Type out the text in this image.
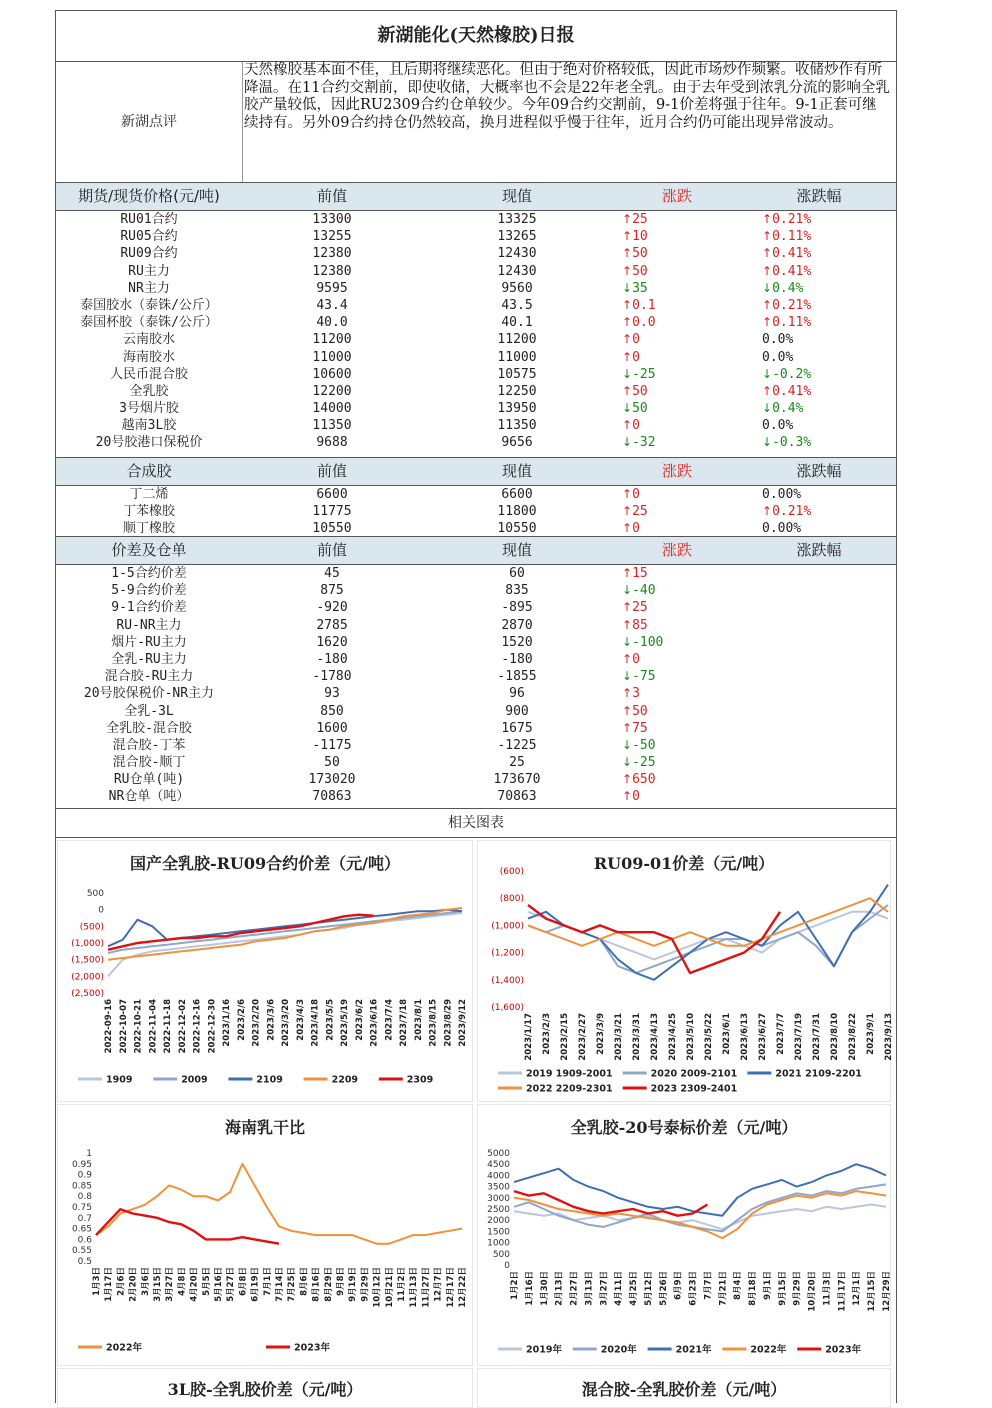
新湖能化(天然橡胶)日报
新湖点评
天然橡胶基本面不佳，且后期将继续恶化。但由于绝对价格较低，因此市场炒作频繁。收储炒作有所降温。在11合约交割前，即使收储，大概率也不会是22年老全乳。由于去年受到浓乳分流的影响全乳胶产量较低，因此RU2309合约仓单较少。今年09合约交割前，9-1价差将强于往年。9-1正套可继续持有。另外09合约持仓仍然较高，换月进程似乎慢于往年，近月合约仍可能出现异常波动。
期货/现货价格(元/吨)	前值	现值	涨跌	涨跌幅
RU01合约	13300	13325	↑25	↑0.21%
RU05合约	13255	13265	↑10	↑0.11%
RU09合约	12380	12430	↑50	↑0.41%
RU主力	12380	12430	↑50	↑0.41%
NR主力	9595	9560	↓35	↓0.4%
泰国胶水（泰铢/公斤）	43.4	43.5	↑0.1	↑0.21%
泰国杯胶（泰铢/公斤）	40.0	40.1	↑0.0	↑0.11%
云南胶水	11200	11200	↑0	0.0%
海南胶水	11000	11000	↑0	0.0%
人民币混合胶	10600	10575	↓-25	↓-0.2%
全乳胶	12200	12250	↑50	↑0.41%
3号烟片胶	14000	13950	↓50	↓0.4%
越南3L胶	11350	11350	↑0	0.0%
20号胶港口保税价	9688	9656	↓-32	↓-0.3%
合成胶	前值	现值	涨跌	涨跌幅
丁二烯	6600	6600	↑0	0.00%
丁苯橡胶	11775	11800	↑25	↑0.21%
顺丁橡胶	10550	10550	↑0	0.00%
价差及仓单	前值	现值	涨跌	涨跌幅
1-5合约价差	45	60	↑15
5-9合约价差	875	835	↓-40
9-1合约价差	-920	-895	↑25
RU-NR主力	2785	2870	↑85
烟片-RU主力	1620	1520	↓-100
全乳-RU主力	-180	-180	↑0
混合胶-RU主力	-1780	-1855	↓-75
20号胶保税价-NR主力	93	96	↑3
全乳-3L	850	900	↑50
全乳胶-混合胶	1600	1675	↑75
混合胶-丁苯	-1175	-1225	↓-50
混合胶-顺丁	50	25	↓-25
RU仓单(吨)	173020	173670	↑650
NR仓单（吨）	70863	70863	↑0
相关图表
500
0
(500)
(1,000)
(1,500)
(2,000)
(2,500)
2022-09-16 2022-10-07 2022-10-21 2022-11-04 2022-11-18 2022-12-02 2022-12-16 2022-12-30 2023/1/16 2023/2/6 2023/2/20 2023/3/6 2023/3/20 2023/4/3 2023/4/18 2023/5/5 2023/5/19 2023/6/2 2023/6/16 2023/7/4 2023/7/18 2023/8/1 2023/8/15 2023/8/29 2023/9/12
1909	2009	2109	2209	2309
国产全乳胶-RU09合约价差（元/吨）	(600)
(800)
(1,000)
(1,200)
(1,400)
(1,600)
2023/1/17 2023/2/3 2023/2/15 2023/2/27 2023/3/9 2023/3/21 2023/3/31 2023/4/13 2023/4/25 2023/5/10 2023/5/22 2023/6/1 2023/6/13 2023/6/27 2023/7/7 2023/7/19 2023/7/31 2023/8/10 2023/8/22 2023/9/1 2023/9/13
2019 1909-2001	2020 2009-2101	2021 2109-2201
2022 2209-2301	2023 2309-2401
RU09-01价差（元/吨）
1
0.95
0.9
0.85
0.8
0.75
0.7
0.65
0.6
0.55
0.5
1月3日 1月17日 2月6日 2月20日 3月6日 3月15日 3月27日 4月8日 4月20日 5月5日 5月16日 5月27日 6月8日 6月19日 7月1日 7月14日 7月25日 8月6日 8月16日 8月29日 9月8日 9月19日 9月29日 10月12日 10月21日 11月2日 11月13日 11月27日 12月7日 12月17日 12月22日
2022年	2023年
海南乳干比
5000
4500
4000
3500
3000
2500
2000
1500
1000
500
0
1月2日 1月16日 1月30日 2月13日 2月27日 3月13日 3月27日 4月11日 4月25日 5月12日 5月26日 6月9日 6月23日 7月7日 7月21日 8月4日 8月18日 9月1日 9月15日 9月29日 10月20日 11月3日 11月17日 12月1日 12月15日 12月29日
2019年	2020年	2021年	2022年	2023年
全乳胶-20号泰标价差（元/吨）
3L胶-全乳胶价差（元/吨）	混合胶-全乳胶价差（元/吨）
